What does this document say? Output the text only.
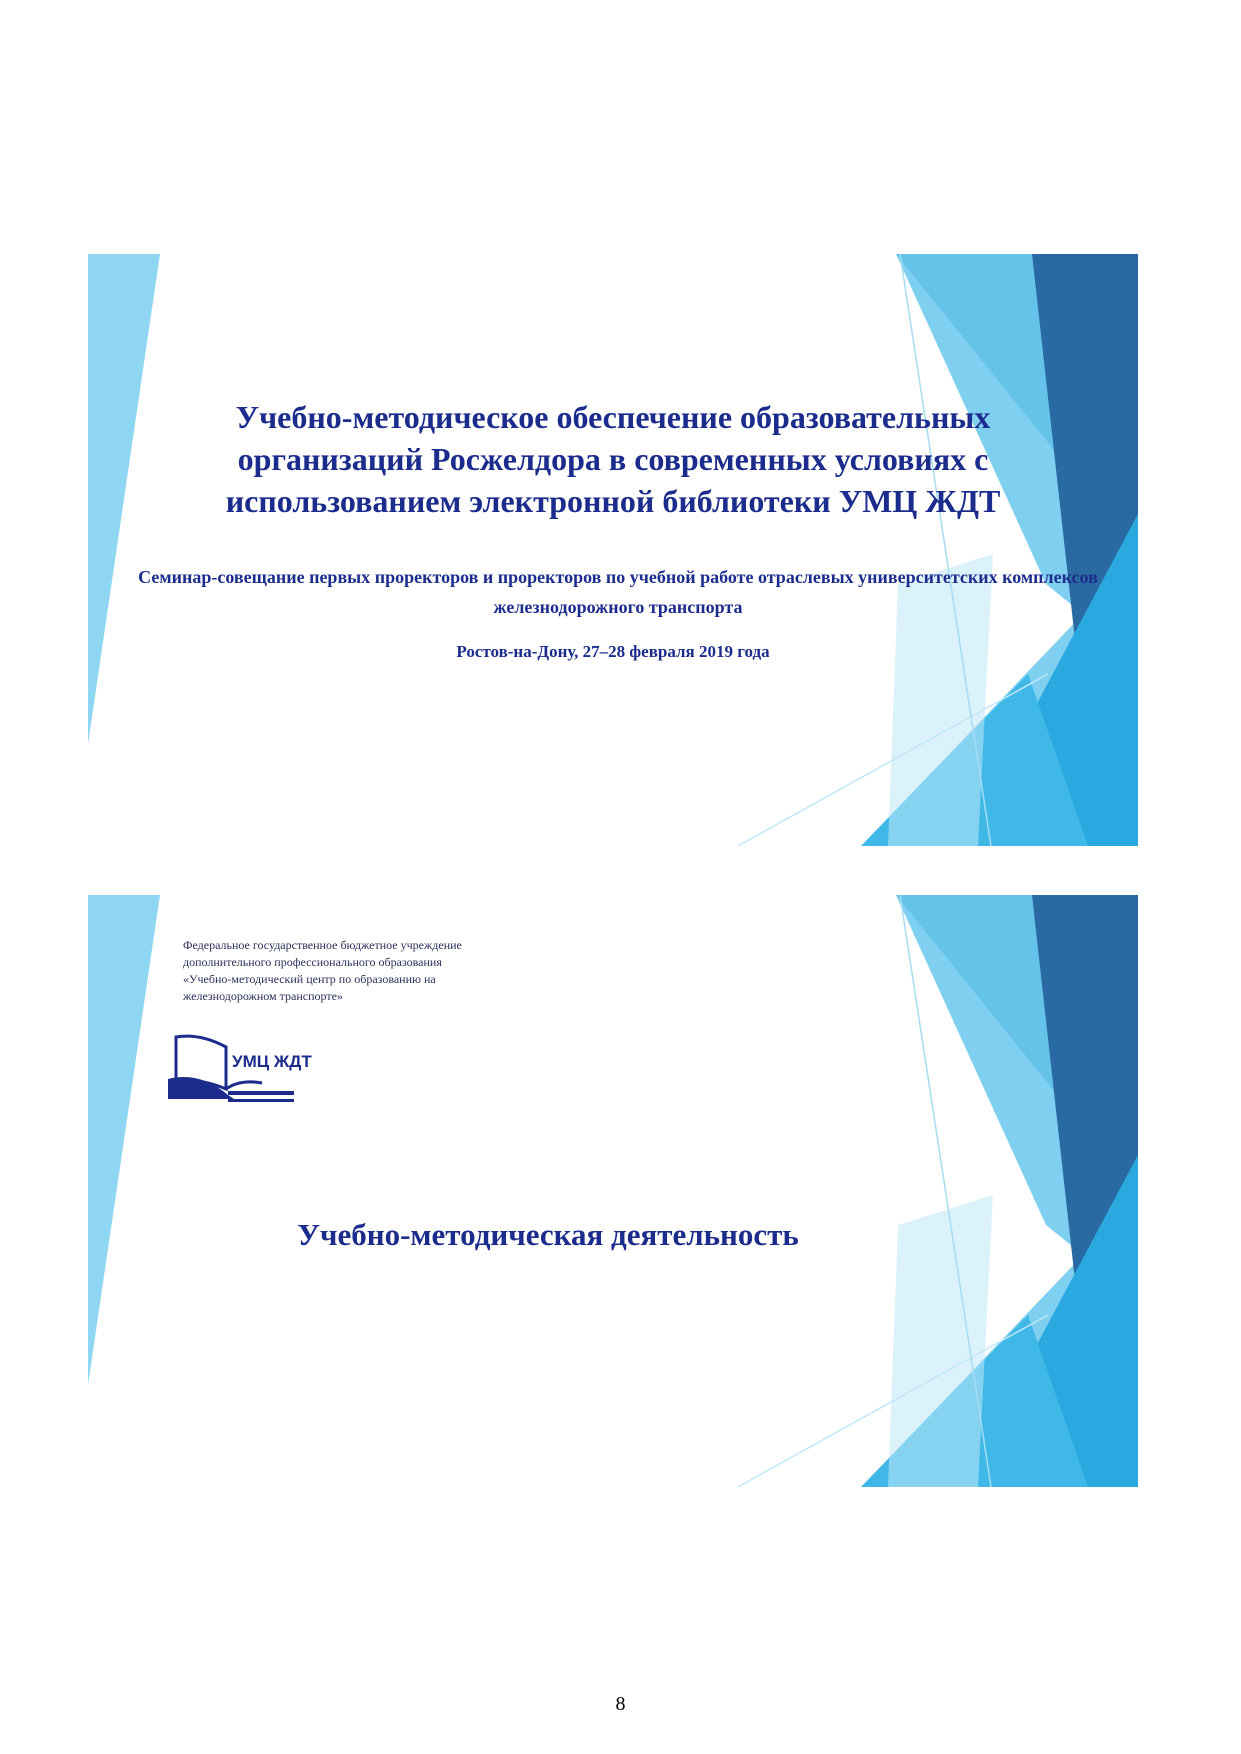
Учебно-методическое обеспечение образовательных организаций Росжелдора в современных условиях с использованием электронной библиотеки УМЦ ЖДТ
Семинар-совещание первых проректоров и проректоров по учебной работе отраслевых университетских комплексов железнодорожного транспорта
Ростов-на-Дону, 27–28 февраля 2019 года
Федеральное государственное бюджетное учреждение
дополнительного профессионального образования
«Учебно-методический центр по образованию на
железнодорожном транспорте»
УМЦ ЖДТ
Учебно-методическая деятельность
8
